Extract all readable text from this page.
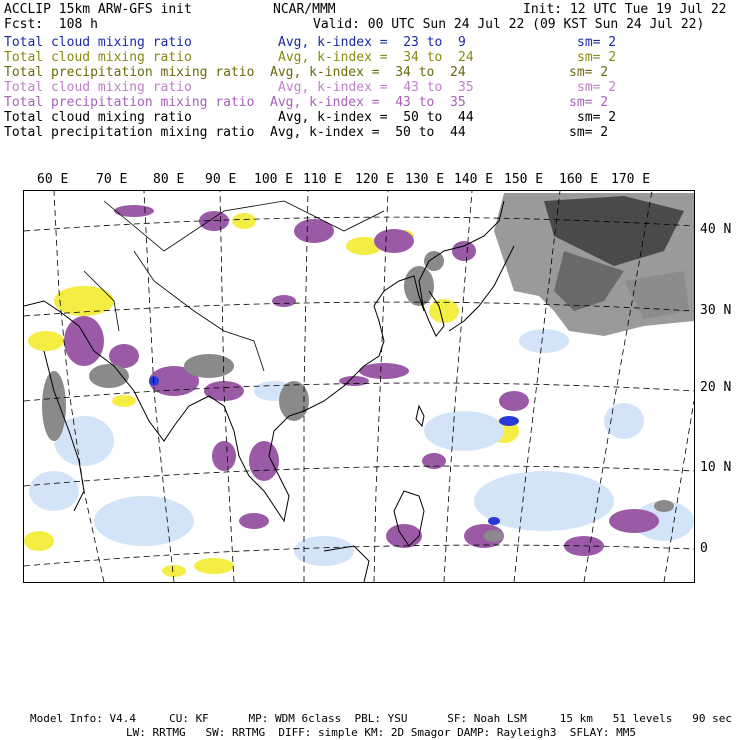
ACCLIP 15km ARW-GFS init	NCAR/MMM	Init: 12 UTC Tue 19 Jul 22
Fcst:  108 h	Valid: 00 UTC Sun 24 Jul 22 (09 KST Sun 24 Jul 22)
Total cloud mixing ratio	Avg, k-index =  23 to  9	sm= 2
Total cloud mixing ratio	Avg, k-index =  34 to  24	sm= 2
Total precipitation mixing ratio Avg, k-index =  34 to  24	sm= 2
Total cloud mixing ratio	Avg, k-index =  43 to  35	sm= 2
Total precipitation mixing ratio Avg, k-index =  43 to  35	sm= 2
Total cloud mixing ratio	Avg, k-index =  50 to  44	sm= 2
Total precipitation mixing ratio Avg, k-index =  50 to  44	sm= 2
60 E 70 E 80 E 90 E 100 E 110 E 120 E 130 E 140 E 150 E 160 E 170 E
40 N
30 N
20 N
10 N
0
Model Info: V4.4     CU: KF      MP: WDM 6class  PBL: YSU      SF: Noah LSM     15 km   51 levels   90 sec
LW: RRTMG   SW: RRTMG  DIFF: simple KM: 2D Smagor DAMP: Rayleigh3  SFLAY: MM5
